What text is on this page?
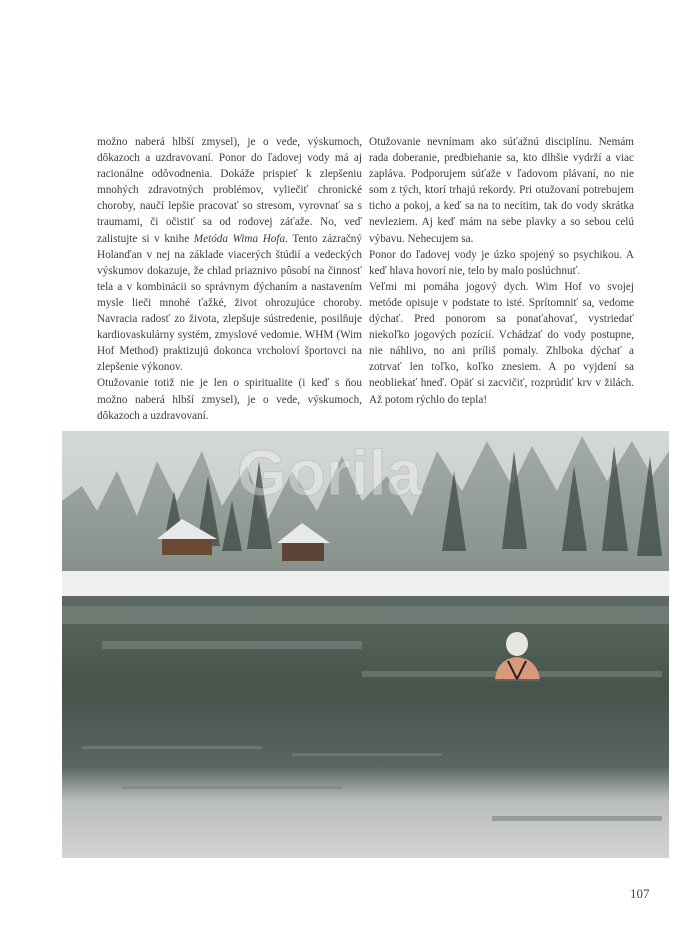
možno naberá hlbší zmysel), je o vede, výskumoch, dôkazoch a uzdravovaní. Ponor do ľadovej vody má aj racionálne odôvodnenia. Dokáže prispieť k zlepšeniu mnohých zdravotných problémov, vyliečiť chronické choroby, naučí lepšie pracovať so stresom, vyrovnať sa s traumami, či očistiť sa od rodovej záťaže. No, veď zalistujte si v knihe Metóda Wima Hofa. Tento zázračný Holanďan v nej na základe viacerých štúdií a vedeckých výskumov dokazuje, že chlad priaznivo pôsobí na činnosť tela a v kombinácii so správnym dýchaním a nastavením mysle lieči mnohé ťažké, život ohrozujúce choroby. Navracia radosť zo života, zlepšuje sústredenie, posilňuje kardiovaskulárny systém, zmyslové vedomie. WHM (Wim Hof Method) praktizujú dokonca vrcholoví športovci na zlepšenie výkonov.

Otužovanie totiž nie je len o spiritualite (i keď s ňou možno naberá hlbší zmysel), je o vede, výskumoch, dôkazoch a uzdravovaní.

Otužovanie nevnímam ako súťažnú disciplínu. Nemám rada doberanie, predbiehanie sa, kto dlhšie vydrží a viac zapláva. Podporujem súťaže v ľadovom plávaní, no nie som z tých, ktorí trhajú rekordy. Pri otužovaní potrebujem ticho a pokoj, a keď sa na to necítim, tak do vody skrátka nevleziem. Aj keď mám na sebe plavky a so sebou celú výbavu. Nehecujem sa.

Ponor do ľadovej vody je úzko spojený so psychikou. A keď hlava hovorí nie, telo by malo poslúchnuť.

Veľmi mi pomáha jogový dych. Wim Hof vo svojej metóde opisuje v podstate to isté. Sprítomniť sa, vedome dýchať. Pred ponorom sa ponaťahovať, vystriedať niekoľko jogových pozícií. Vchádzať do vody postupne, nie náhlivo, no ani príliš pomaly. Zhlboka dýchať a zotrvať len toľko, koľko znesiem. A po vyjdení sa neobliekať hneď. Opäť si zacvičiť, rozprúdiť krv v žilách. Až potom rýchlo do tepla!

Gorila
107
